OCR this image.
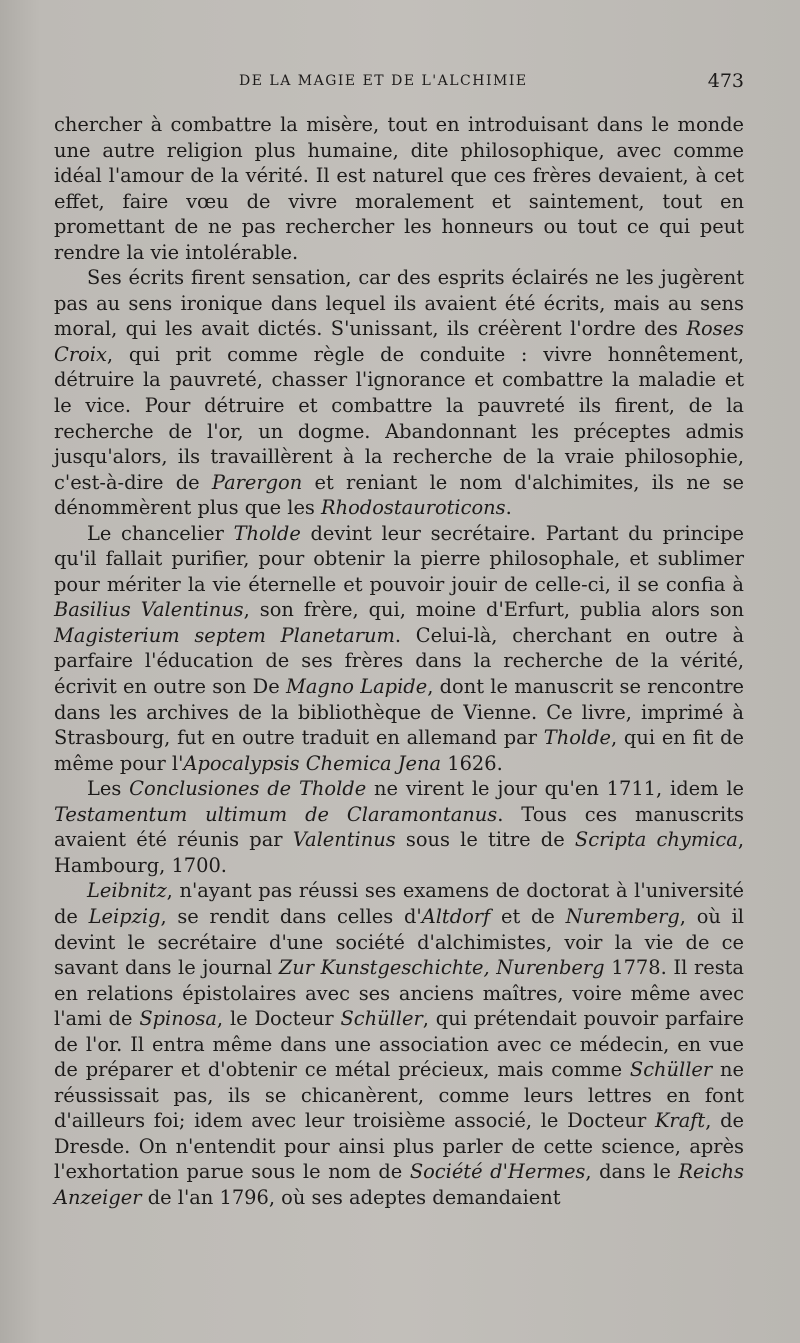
DE LA MAGIE ET DE L'ALCHIMIE	473

chercher à combattre la misère, tout en introduisant dans le monde une autre religion plus humaine, dite philosophique, avec comme idéal l'amour de la vérité. Il est naturel que ces frères devaient, à cet effet, faire vœu de vivre moralement et saintement, tout en promettant de ne pas rechercher les honneurs ou tout ce qui peut rendre la vie intolérable.

Ses écrits firent sensation, car des esprits éclairés ne les jugèrent pas au sens ironique dans lequel ils avaient été écrits, mais au sens moral, qui les avait dictés. S'unissant, ils créèrent l'ordre des Roses Croix, qui prit comme règle de conduite : vivre honnêtement, détruire la pauvreté, chasser l'ignorance et combattre la maladie et le vice. Pour détruire et combattre la pauvreté ils firent, de la recherche de l'or, un dogme. Abandonnant les préceptes admis jusqu'alors, ils travaillèrent à la recherche de la vraie philosophie, c'est-à-dire de Parergon et reniant le nom d'alchimites, ils ne se dénommèrent plus que les Rhodostauroticons.

Le chancelier Tholde devint leur secrétaire. Partant du principe qu'il fallait purifier, pour obtenir la pierre philosophale, et sublimer pour mériter la vie éternelle et pouvoir jouir de celle-ci, il se confia à Basilius Valentinus, son frère, qui, moine d'Erfurt, publia alors son Magisterium septem Planetarum. Celui-là, cherchant en outre à parfaire l'éducation de ses frères dans la recherche de la vérité, écrivit en outre son De Magno Lapide, dont le manuscrit se rencontre dans les archives de la bibliothèque de Vienne. Ce livre, imprimé à Strasbourg, fut en outre traduit en allemand par Tholde, qui en fit de même pour l'Apocalypsis Chemica Jena 1626.

Les Conclusiones de Tholde ne virent le jour qu'en 1711, idem le Testamentum ultimum de Claramontanus. Tous ces manuscrits avaient été réunis par Valentinus sous le titre de Scripta chymica, Hambourg, 1700.

Leibnitz, n'ayant pas réussi ses examens de doctorat à l'université de Leipzig, se rendit dans celles d'Altdorf et de Nuremberg, où il devint le secrétaire d'une société d'alchimistes, voir la vie de ce savant dans le journal Zur Kunstgeschichte, Nurenberg 1778. Il resta en relations épistolaires avec ses anciens maîtres, voire même avec l'ami de Spinosa, le Docteur Schüller, qui prétendait pouvoir parfaire de l'or. Il entra même dans une association avec ce médecin, en vue de préparer et d'obtenir ce métal précieux, mais comme Schüller ne réussissait pas, ils se chicanèrent, comme leurs lettres en font d'ailleurs foi; idem avec leur troisième associé, le Docteur Kraft, de Dresde. On n'entendit pour ainsi plus parler de cette science, après l'exhortation parue sous le nom de Société d'Hermes, dans le Reichs Anzeiger de l'an 1796, où ses adeptes demandaient
